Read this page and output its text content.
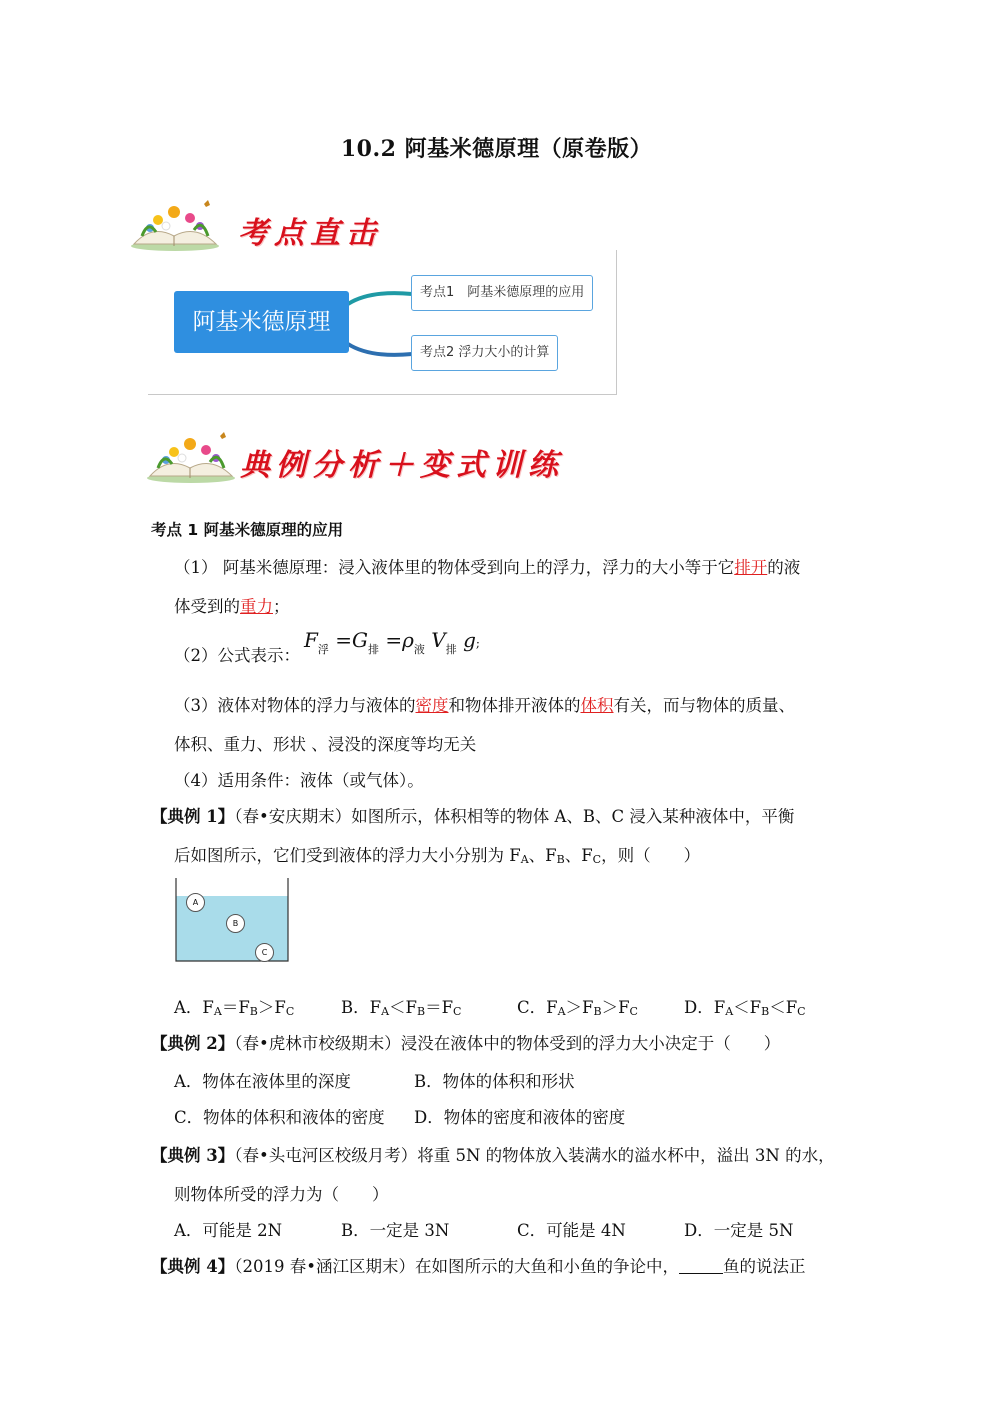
10.2 阿基米德原理（原卷版）
考点直击
阿基米德原理
考点1　阿基米德原理的应用
考点2 浮力大小的计算
典例分析＋变式训练
考点 1 阿基米德原理的应用
（1） 阿基米德原理：浸入液体里的物体受到向上的浮力，浮力的大小等于它排开的液
体受到的重力；
（2）公式表示：
$F_浮 =G_排 =\rho_液$ $V_排$ g;
（3）液体对物体的浮力与液体的密度和物体排开液体的体积有关，而与物体的质量、
体积、重力、形状 、浸没的深度等均无关
（4）适用条件：液体（或气体）。
【典例 1】（春•安庆期末）如图所示，体积相等的物体 A、B、C 浸入某种液体中，平衡
后如图所示，它们受到液体的浮力大小分别为 FA、FB、FC，则（　　）
A
B
C
A．FA＝FB＞FC	B．FA＜FB＝FC	C．FA＞FB＞FC	D．FA＜FB＜FC
【典例 2】（春•虎林市校级期末）浸没在液体中的物体受到的浮力大小决定于（　　）
A．物体在液体里的深度	B．物体的体积和形状
C．物体的体积和液体的密度 D．物体的密度和液体的密度
【典例 3】（春•头屯河区校级月考）将重 5N 的物体放入装满水的溢水杯中，溢出 3N 的水，
则物体所受的浮力为（　　）
A．可能是 2N	B．一定是 3N	C．可能是 4N	D．一定是 5N
【典例 4】（2019 春•涵江区期末）在如图所示的大鱼和小鱼的争论中，	鱼的说法正
